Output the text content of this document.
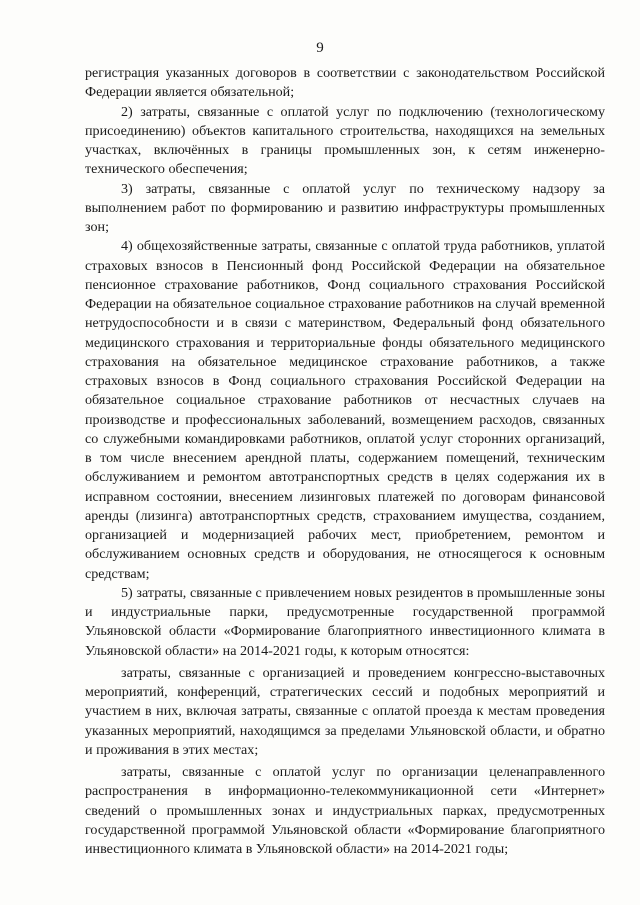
9

регистрация указанных договоров в соответствии с законодательством Российской Федерации является обязательной;

2) затраты, связанные с оплатой услуг по подключению (технологическому присоединению) объектов капитального строительства, находящихся на земельных участках, включённых в границы промышленных зон, к сетям инженерно-технического обеспечения;

3) затраты, связанные с оплатой услуг по техническому надзору за выполнением работ по формированию и развитию инфраструктуры промышленных зон;

4) общехозяйственные затраты, связанные с оплатой труда работников, уплатой страховых взносов в Пенсионный фонд Российской Федерации на обязательное пенсионное страхование работников, Фонд социального страхования Российской Федерации на обязательное социальное страхование работников на случай временной нетрудоспособности и в связи с материнством, Федеральный фонд обязательного медицинского страхования и территориальные фонды обязательного медицинского страхования на обязательное медицинское страхование работников, а также страховых взносов в Фонд социального страхования Российской Федерации на обязательное социальное страхование работников от несчастных случаев на производстве и профессиональных заболеваний, возмещением расходов, связанных со служебными командировками работников, оплатой услуг сторонних организаций, в том числе внесением арендной платы, содержанием помещений, техническим обслуживанием и ремонтом автотранспортных средств в целях содержания их в исправном состоянии, внесением лизинговых платежей по договорам финансовой аренды (лизинга) автотранспортных средств, страхованием имущества, созданием, организацией и модернизацией рабочих мест, приобретением, ремонтом и обслуживанием основных средств и оборудования, не относящегося к основным средствам;

5) затраты, связанные с привлечением новых резидентов в промышленные зоны и индустриальные парки, предусмотренные государственной программой Ульяновской области «Формирование благоприятного инвестиционного климата в Ульяновской области» на 2014-2021 годы, к которым относятся:

затраты, связанные с организацией и проведением конгрессно-выставочных мероприятий, конференций, стратегических сессий и подобных мероприятий и участием в них, включая затраты, связанные с оплатой проезда к местам проведения указанных мероприятий, находящимся за пределами Ульяновской области, и обратно и проживания в этих местах;

затраты, связанные с оплатой услуг по организации целенаправленного распространения в информационно-телекоммуникационной сети «Интернет» сведений о промышленных зонах и индустриальных парках, предусмотренных государственной программой Ульяновской области «Формирование благоприятного инвестиционного климата в Ульяновской области» на 2014-2021 годы;
